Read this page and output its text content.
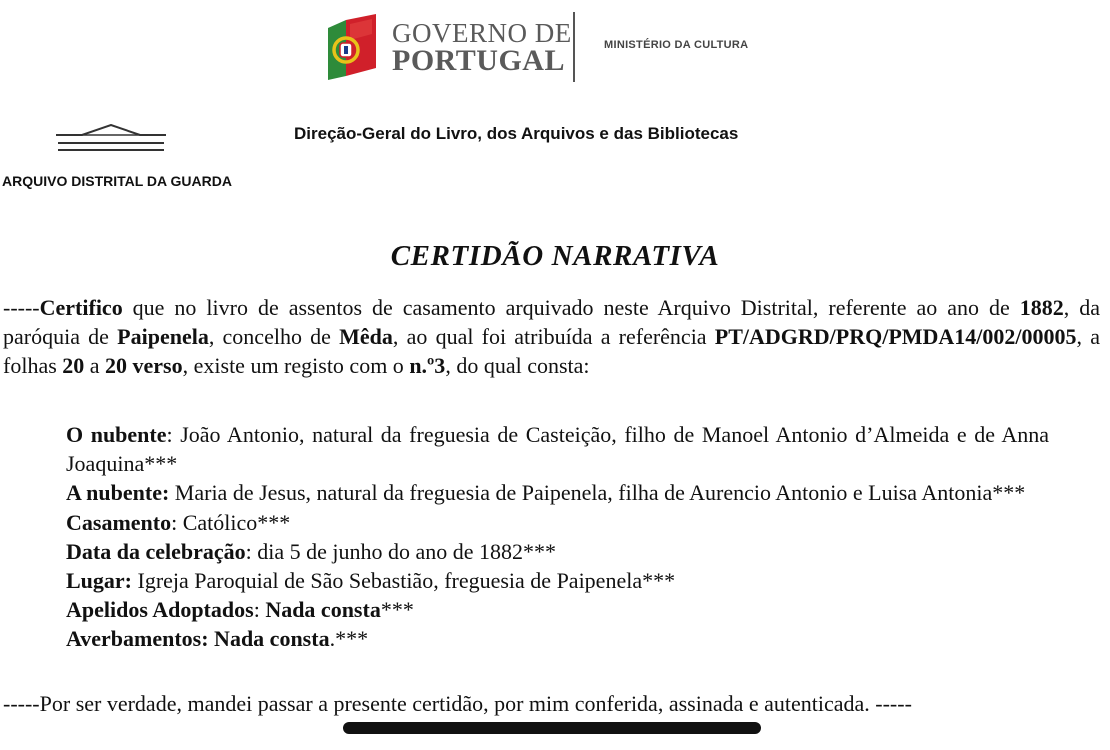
GOVERNO DE
PORTUGAL	MINISTÉRIO DA CULTURA
Direção-Geral do Livro, dos Arquivos e das Bibliotecas
ARQUIVO DISTRITAL DA GUARDA
CERTIDÃO NARRATIVA

-----Certifico que no livro de assentos de casamento arquivado neste Arquivo Distrital, referente ao ano de 1882, da paróquia de Paipenela, concelho de Mêda, ao qual foi atribuída a referência PT/ADGRD/PRQ/PMDA14/002/00005, a folhas 20 a 20 verso, existe um registo com o n.º3, do qual consta:

O nubente: João Antonio, natural da freguesia de Casteição, filho de Manoel Antonio d’Almeida e de Anna Joaquina***

A nubente: Maria de Jesus, natural da freguesia de Paipenela, filha de Aurencio Antonio e Luisa Antonia***

Casamento: Católico***

Data da celebração: dia 5 de junho do ano de 1882***

Lugar: Igreja Paroquial de São Sebastião, freguesia de Paipenela***

Apelidos Adoptados: Nada consta***

Averbamentos: Nada consta.***

-----Por ser verdade, mandei passar a presente certidão, por mim conferida, assinada e autenticada. -----
